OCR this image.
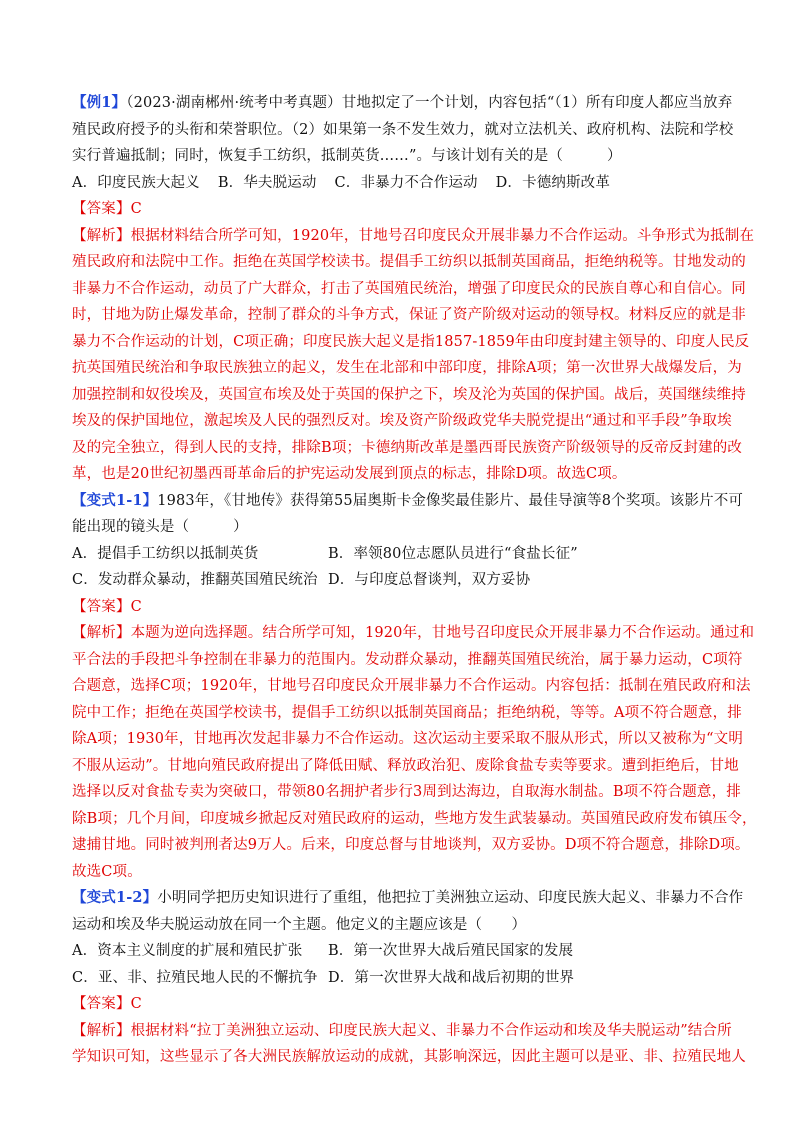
【例1】（2023·湖南郴州·统考中考真题）甘地拟定了一个计划，内容包括“（1）所有印度人都应当放弃
殖民政府授予的头衔和荣誉职位。（2）如果第一条不发生效力，就对立法机关、政府机构、法院和学校
实行普遍抵制；同时，恢复手工纺织，抵制英货……”。与该计划有关的是（　　　）
A．印度民族大起义 B．华夫脱运动 C．非暴力不合作运动 D．卡德纳斯改革
【答案】C
【解析】根据材料结合所学可知，1920年，甘地号召印度民众开展非暴力不合作运动。斗争形式为抵制在
殖民政府和法院中工作。拒绝在英国学校读书。提倡手工纺织以抵制英国商品，拒绝纳税等。甘地发动的
非暴力不合作运动，动员了广大群众，打击了英国殖民统治，增强了印度民众的民族自尊心和自信心。同
时，甘地为防止爆发革命，控制了群众的斗争方式，保证了资产阶级对运动的领导权。材料反应的就是非
暴力不合作运动的计划，C项正确；印度民族大起义是指1857-1859年由印度封建主领导的、印度人民反
抗英国殖民统治和争取民族独立的起义，发生在北部和中部印度，排除A项；第一次世界大战爆发后，为
加强控制和奴役埃及，英国宣布埃及处于英国的保护之下，埃及沦为英国的保护国。战后，英国继续维持
埃及的保护国地位，激起埃及人民的强烈反对。埃及资产阶级政党华夫脱党提出“通过和平手段”争取埃
及的完全独立，得到人民的支持，排除B项；卡德纳斯改革是墨西哥民族资产阶级领导的反帝反封建的改
革，也是20世纪初墨西哥革命后的护宪运动发展到顶点的标志，排除D项。故选C项。
【变式1-1】1983年，《甘地传》获得第55届奥斯卡金像奖最佳影片、最佳导演等8个奖项。该影片不可
能出现的镜头是（　　　）
A．提倡手工纺织以抵制英货	B．率领80位志愿队员进行“食盐长征”
C．发动群众暴动，推翻英国殖民统治 D．与印度总督谈判，双方妥协
【答案】C
【解析】本题为逆向选择题。结合所学可知，1920年，甘地号召印度民众开展非暴力不合作运动。通过和
平合法的手段把斗争控制在非暴力的范围内。发动群众暴动，推翻英国殖民统治，属于暴力运动，C项符
合题意，选择C项；1920年，甘地号召印度民众开展非暴力不合作运动。内容包括：抵制在殖民政府和法
院中工作；拒绝在英国学校读书，提倡手工纺织以抵制英国商品；拒绝纳税，等等。A项不符合题意，排
除A项；1930年，甘地再次发起非暴力不合作运动。这次运动主要采取不服从形式，所以又被称为“文明
不服从运动”。甘地向殖民政府提出了降低田赋、释放政治犯、废除食盐专卖等要求。遭到拒绝后，甘地
选择以反对食盐专卖为突破口，带领80名拥护者步行3周到达海边，自取海水制盐。B项不符合题意，排
除B项；几个月间，印度城乡掀起反对殖民政府的运动，些地方发生武装暴动。英国殖民政府发布镇压令，
逮捕甘地。同时被判刑者达9万人。后来，印度总督与甘地谈判，双方妥协。D项不符合题意，排除D项。
故选C项。
【变式1-2】小明同学把历史知识进行了重组，他把拉丁美洲独立运动、印度民族大起义、非暴力不合作
运动和埃及华夫脱运动放在同一个主题。他定义的主题应该是（　　）
A．资本主义制度的扩展和殖民扩张 B．第一次世界大战后殖民国家的发展
C．亚、非、拉殖民地人民的不懈抗争 D．第一次世界大战和战后初期的世界
【答案】C
【解析】根据材料“拉丁美洲独立运动、印度民族大起义、非暴力不合作运动和埃及华夫脱运动”结合所
学知识可知，这些显示了各大洲民族解放运动的成就，其影响深远，因此主题可以是亚、非、拉殖民地人
